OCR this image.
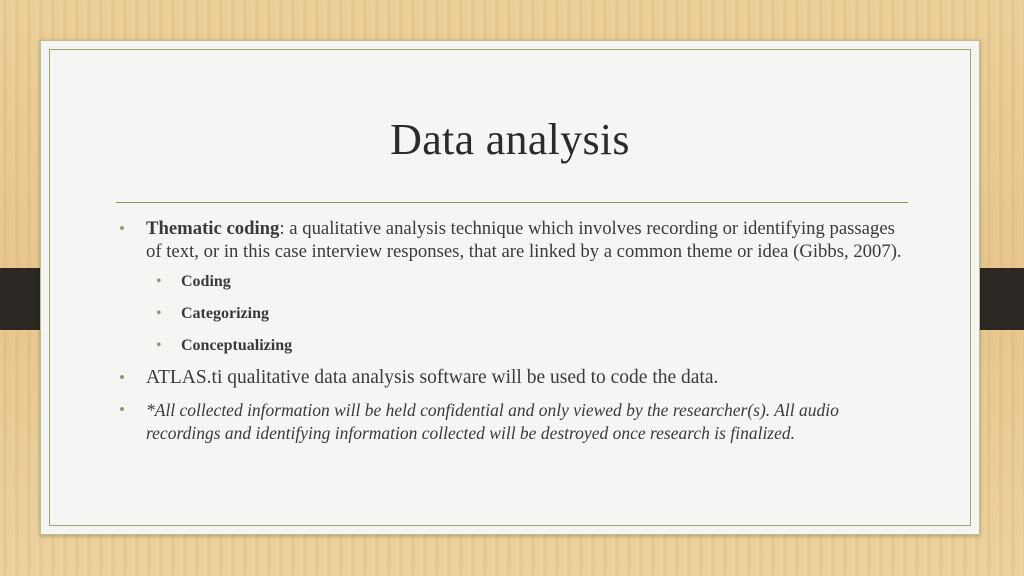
Data analysis
• Thematic coding: a qualitative analysis technique which involves recording or identifying passages of text, or in this case interview responses, that are linked by a common theme or idea (Gibbs, 2007).
• Coding
• Categorizing
• Conceptualizing
• ATLAS.ti qualitative data analysis software will be used to code the data.
• *All collected information will be held confidential and only viewed by the researcher(s). All audio recordings and identifying information collected will be destroyed once research is finalized.
